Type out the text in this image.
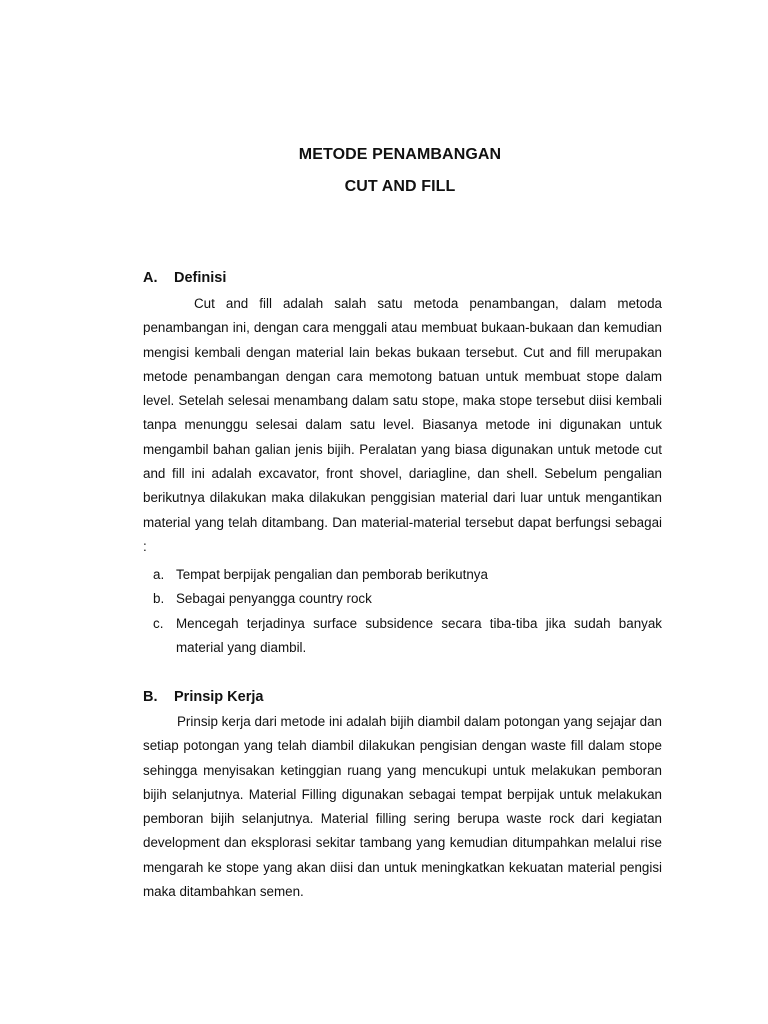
METODE PENAMBANGAN
CUT AND FILL
A. Definisi

Cut and fill adalah salah satu metoda penambangan, dalam metoda penambangan ini, dengan cara menggali atau membuat bukaan-bukaan dan kemudian mengisi kembali dengan material lain bekas bukaan tersebut. Cut and fill merupakan metode penambangan dengan cara memotong batuan untuk membuat stope dalam level. Setelah selesai menambang dalam satu stope, maka stope tersebut diisi kembali tanpa menunggu selesai dalam satu level. Biasanya metode ini digunakan untuk mengambil bahan galian jenis bijih. Peralatan yang biasa digunakan untuk metode cut and fill ini adalah excavator, front shovel, dariagline, dan shell. Sebelum pengalian berikutnya dilakukan maka dilakukan penggisian material dari luar untuk mengantikan material yang telah ditambang. Dan material-material tersebut dapat berfungsi sebagai :

a. Tempat berpijak pengalian dan pemborab berikutnya
b. Sebagai penyangga country rock
c. Mencegah terjadinya surface subsidence secara tiba-tiba jika sudah banyak material yang diambil.
B. Prinsip Kerja

Prinsip kerja dari metode ini adalah bijih diambil dalam potongan yang sejajar dan setiap potongan yang telah diambil dilakukan pengisian dengan waste fill dalam stope sehingga menyisakan ketinggian ruang yang mencukupi untuk melakukan pemboran bijih selanjutnya. Material Filling digunakan sebagai tempat berpijak untuk melakukan pemboran bijih selanjutnya. Material filling sering berupa waste rock dari kegiatan development dan eksplorasi sekitar tambang yang kemudian ditumpahkan melalui rise mengarah ke stope yang akan diisi dan untuk meningkatkan kekuatan material pengisi maka ditambahkan semen.
